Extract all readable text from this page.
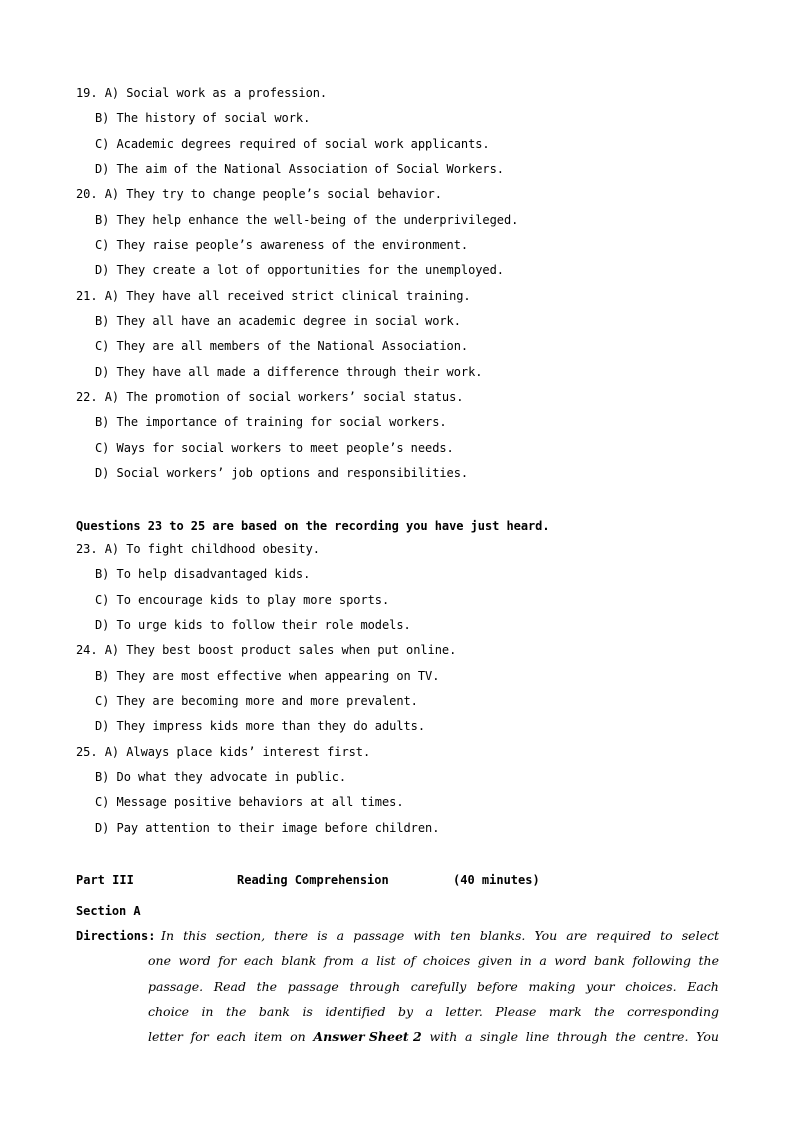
19. A) Social work as a profession.
B) The history of social work.
C) Academic degrees required of social work applicants.
D) The aim of the National Association of Social Workers.
20. A) They try to change people’s social behavior.
B) They help enhance the well-being of the underprivileged.
C) They raise people’s awareness of the environment.
D) They create a lot of opportunities for the unemployed.
21. A) They have all received strict clinical training.
B) They all have an academic degree in social work.
C) They are all members of the National Association.
D) They have all made a difference through their work.
22. A) The promotion of social workers’ social status.
B) The importance of training for social workers.
C) Ways for social workers to meet people’s needs.
D) Social workers’ job options and responsibilities.
Questions 23 to 25 are based on the recording you have just heard.
23. A) To fight childhood obesity.
B) To help disadvantaged kids.
C) To encourage kids to play more sports.
D) To urge kids to follow their role models.
24. A) They best boost product sales when put online.
B) They are most effective when appearing on TV.
C) They are becoming more and more prevalent.
D) They impress kids more than they do adults.
25. A) Always place kids’ interest first.
B) Do what they advocate in public.
C) Message positive behaviors at all times.
D) Pay attention to their image before children.
Part III	Reading Comprehension	(40 minutes)
Section A
Directions: In this section, there is a passage with ten blanks. You are required to select
one word for each blank from a list of choices given in a word bank following the
passage. Read the passage through carefully before making your choices. Each
choice in the bank is identified by a letter. Please mark the corresponding
letter for each item on Answer Sheet 2 with a single line through the centre. You
